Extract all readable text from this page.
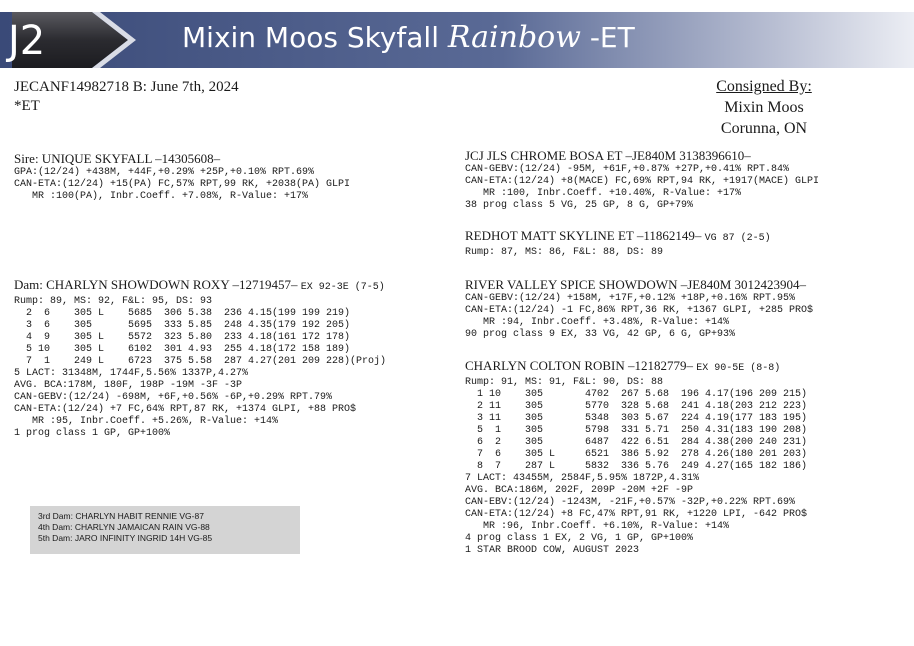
J2	Mixin Moos Skyfall Rainbow -ET
JECANF14982718 B: June 7th, 2024
*ET
Consigned By:
Mixin Moos
Corunna, ON
Sire: UNIQUE SKYFALL –14305608–
GPA:(12/24) +438M, +44F,+0.29% +25P,+0.10% RPT.69%
CAN-ETA:(12/24) +15(PA) FC,57% RPT,99 RK, +2038(PA) GLPI
MR :100(PA), Inbr.Coeff. +7.08%, R-Value: +17%
JCJ JLS CHROME BOSA ET –JE840M 3138396610–
CAN-GEBV:(12/24) -95M, +61F,+0.87% +27P,+0.41% RPT.84%
CAN-ETA:(12/24) +8(MACE) FC,69% RPT,94 RK, +1917(MACE) GLPI
MR :100, Inbr.Coeff. +10.40%, R-Value: +17%
38 prog class 5 VG, 25 GP, 8 G, GP+79%
REDHOT MATT SKYLINE ET –11862149– VG 87 (2-5)
Rump: 87, MS: 86, F&L: 88, DS: 89
Dam: CHARLYN SHOWDOWN ROXY –12719457– EX 92-3E (7-5)
Rump: 89, MS: 92, F&L: 95, DS: 93
2  6    305 L    5685  306 5.38  236 4.15(199 199 219)
3  6    305      5695  333 5.85  248 4.35(179 192 205)
4  9    305 L    5572  323 5.80  233 4.18(161 172 178)
5 10    305 L    6102  301 4.93  255 4.18(172 158 189)
7  1    249 L    6723  375 5.58  287 4.27(201 209 228)(Proj)
5 LACT: 31348M, 1744F,5.56% 1337P,4.27%
AVG. BCA:178M, 180F, 198P -19M -3F -3P
CAN-GEBV:(12/24) -698M, +6F,+0.56% -6P,+0.29% RPT.79%
CAN-ETA:(12/24) +7 FC,64% RPT,87 RK, +1374 GLPI, +88 PRO$
MR :95, Inbr.Coeff. +5.26%, R-Value: +14%
1 prog class 1 GP, GP+100%
RIVER VALLEY SPICE SHOWDOWN –JE840M 3012423904–
CAN-GEBV:(12/24) +158M, +17F,+0.12% +18P,+0.16% RPT.95%
CAN-ETA:(12/24) -1 FC,86% RPT,36 RK, +1367 GLPI, +285 PRO$
MR :94, Inbr.Coeff. +3.48%, R-Value: +14%
90 prog class 9 EX, 33 VG, 42 GP, 6 G, GP+93%
CHARLYN COLTON ROBIN –12182779– EX 90-5E (8-8)
Rump: 91, MS: 91, F&L: 90, DS: 88
1 10    305       4702  267 5.68  196 4.17(196 209 215)
2 11    305       5770  328 5.68  241 4.18(203 212 223)
3 11    305       5348  303 5.67  224 4.19(177 183 195)
5  1    305       5798  331 5.71  250 4.31(183 190 208)
6  2    305       6487  422 6.51  284 4.38(200 240 231)
7  6    305 L     6521  386 5.92  278 4.26(180 201 203)
8  7    287 L     5832  336 5.76  249 4.27(165 182 186)
7 LACT: 43455M, 2584F,5.95% 1872P,4.31%
AVG. BCA:186M, 202F, 209P -20M +2F -9P
CAN-EBV:(12/24) -1243M, -21F,+0.57% -32P,+0.22% RPT.69%
CAN-ETA:(12/24) +8 FC,47% RPT,91 RK, +1220 LPI, -642 PRO$
MR :96, Inbr.Coeff. +6.10%, R-Value: +14%
4 prog class 1 EX, 2 VG, 1 GP, GP+100%
1 STAR BROOD COW, AUGUST 2023
3rd Dam: CHARLYN HABIT RENNIE VG-87
4th Dam: CHARLYN JAMAICAN RAIN VG-88
5th Dam: JARO INFINITY INGRID 14H VG-85
